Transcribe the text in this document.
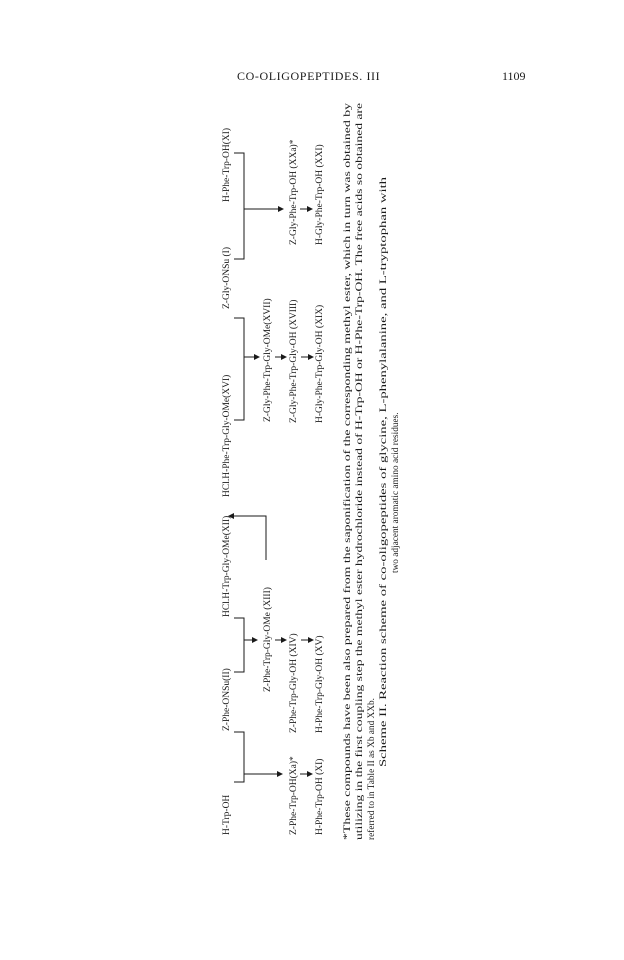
CO-OLIGOPEPTIDES. III	1109
H-Trp-OH
Z-Phe-ONSu(II)
HCl.H-Trp-Gly-OMe(XII)
HCl.H-Phe-Trp-Gly-OMe(XVI)
Z-Gly-ONSu (I)
H-Phe-Trp-OH(XI)
Z-Phe-Trp-Gly-OMe (XIII)
Z-Gly-Phe-Trp-Gly-OMe(XVII)
Z-Phe-Trp-OH(Xa)*
Z-Phe-Trp-Gly-OH (XIV)
Z-Gly-Phe-Trp-Gly-OH (XVIII)
Z-Gly-Phe-Trp-OH (XXa)*
H-Phe-Trp-OH (XI)
H-Phe-Trp-Gly-OH (XV)
H-Gly-Phe-Trp-Gly-OH (XIX)
H-Gly-Phe-Trp-OH (XXI)
*These compounds have been also prepared from the saponification of the corresponding methyl ester, which in turn was obtained by utilizing in the first coupling step the methyl ester hydrochloride instead of H-Trp-OH or H-Phe-Trp-OH. The free acids so obtained are referred to in Table II as Xb and XXb.
Scheme II. Reaction scheme of co-oligopeptides of glycine, L-phenylalanine, and L-tryptophan with two adjacent aromatic amino acid residues.
